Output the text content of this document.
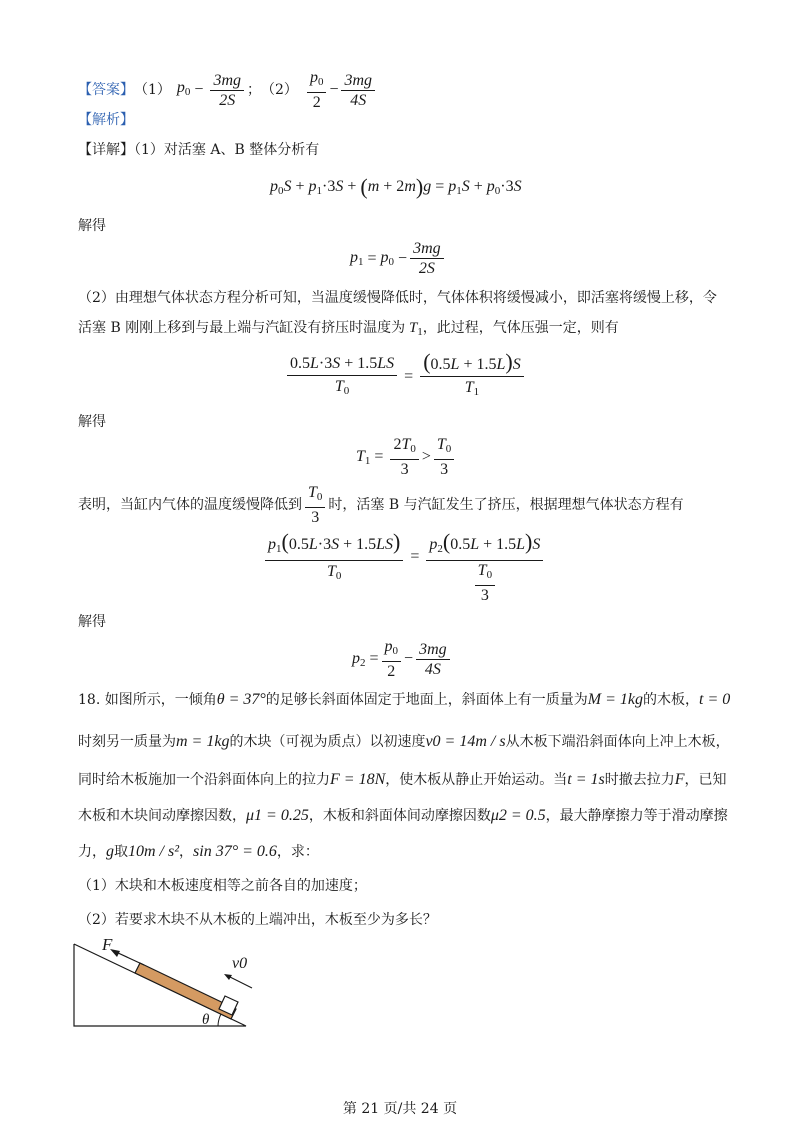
【答案】 （1） $p_0 - \frac{3mg}{2S}$ ； $(2) \frac{p_0}{2} - \frac{3mg}{4S}$
【解析】
【详解】（1）对活塞 A、B 整体分析有
$p_0S + p_1 \cdot 3$ S + ( m + 2 m ) $g = p_1S + p_0 \cdot 3$ S
解得
$p_1 = p_0 - \frac{3mg}{2S}$
（2）由理想气体状态方程分析可知，当温度缓慢降低时，气体体积将缓慢减小，即活塞将缓慢上移，令
活塞 B 刚刚上移到与最上端与汽缸没有挤压时温度为 $T_1$，此过程，气体压强一定，则有
$\frac{0.5L\cdot 3S + 1.5LS}{T_0} = \frac{(0.5L + 1.5L)S}{T_1}$
解得
$T_1 = \frac{2T_0}{3} > \frac{T_0}{3}$
表明，当缸内气体的温度缓慢降低到 $\frac{T_0}{3}$ 时，活塞 B 与汽缸发生了挤压，根据理想气体状态方程有
$\frac{p_1(0.5L\cdot 3S + 1.5LS)}{T_0} = \frac{p_2(0.5L + 1.5L)S}{\frac{T_0}{3}}$
解得
$p_2 = \frac{p_0}{2} - \frac{3mg}{4S}$
18. 如图所示，一倾角θ = 37°的足够长斜面体固定于地面上，斜面体上有一质量为M = 1kg的木板，t = 0
时刻另一质量为m = 1kg的木块（可视为质点）以初速度v0 = 14m / s从木板下端沿斜面体向上冲上木板，
同时给木板施加一个沿斜面体向上的拉力F = 18N，使木板从静止开始运动。当t = 1s时撤去拉力F，已知
木板和木块间动摩擦因数，μ1 = 0.25，木板和斜面体间动摩擦因数μ2 = 0.5，最大静摩擦力等于滑动摩擦
力，g取10m / s²，sin 37° = 0.6，求：
（1）木块和木板速度相等之前各自的加速度；
（2）若要求木块不从木板的上端冲出，木板至少为多长？
F
v0
θ
第 21 页/共 24 页
